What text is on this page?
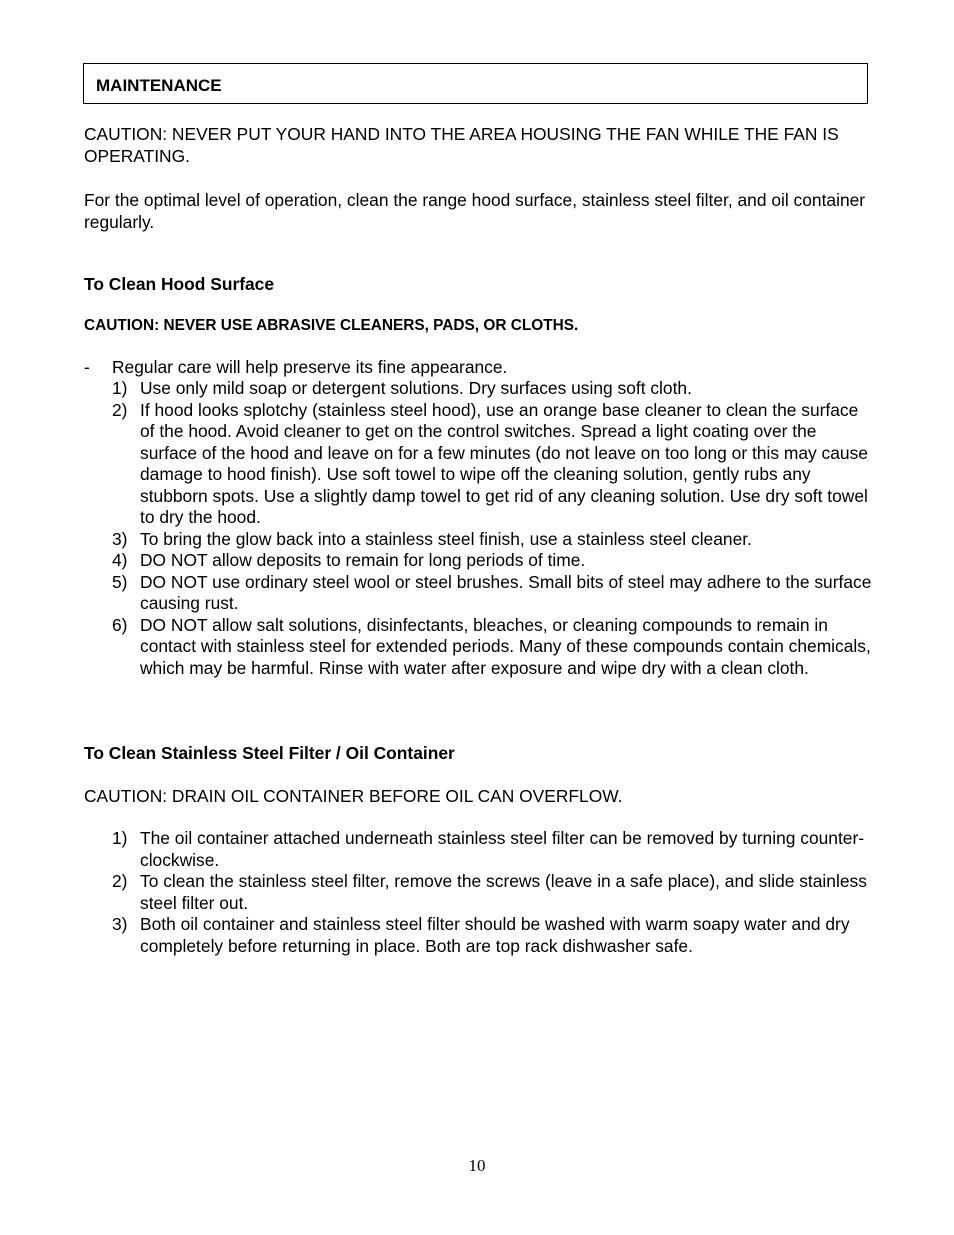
MAINTENANCE

CAUTION: NEVER PUT YOUR HAND INTO THE AREA HOUSING THE FAN WHILE THE FAN IS OPERATING.

For the optimal level of operation, clean the range hood surface, stainless steel filter, and oil container regularly.

To Clean Hood Surface

CAUTION: NEVER USE ABRASIVE CLEANERS, PADS, OR CLOTHS.

- Regular care will help preserve its fine appearance.
1) Use only mild soap or detergent solutions. Dry surfaces using soft cloth.
2) If hood looks splotchy (stainless steel hood), use an orange base cleaner to clean the surface of the hood. Avoid cleaner to get on the control switches. Spread a light coating over the surface of the hood and leave on for a few minutes (do not leave on too long or this may cause damage to hood finish). Use soft towel to wipe off the cleaning solution, gently rubs any stubborn spots. Use a slightly damp towel to get rid of any cleaning solution. Use dry soft towel to dry the hood.
3) To bring the glow back into a stainless steel finish, use a stainless steel cleaner.
4) DO NOT allow deposits to remain for long periods of time.
5) DO NOT use ordinary steel wool or steel brushes. Small bits of steel may adhere to the surface causing rust.
6) DO NOT allow salt solutions, disinfectants, bleaches, or cleaning compounds to remain in contact with stainless steel for extended periods. Many of these compounds contain chemicals, which may be harmful. Rinse with water after exposure and wipe dry with a clean cloth.

To Clean Stainless Steel Filter / Oil Container

CAUTION: DRAIN OIL CONTAINER BEFORE OIL CAN OVERFLOW.

1) The oil container attached underneath stainless steel filter can be removed by turning counter-clockwise.
2) To clean the stainless steel filter, remove the screws (leave in a safe place), and slide stainless steel filter out.
3) Both oil container and stainless steel filter should be washed with warm soapy water and dry completely before returning in place. Both are top rack dishwasher safe.
10
